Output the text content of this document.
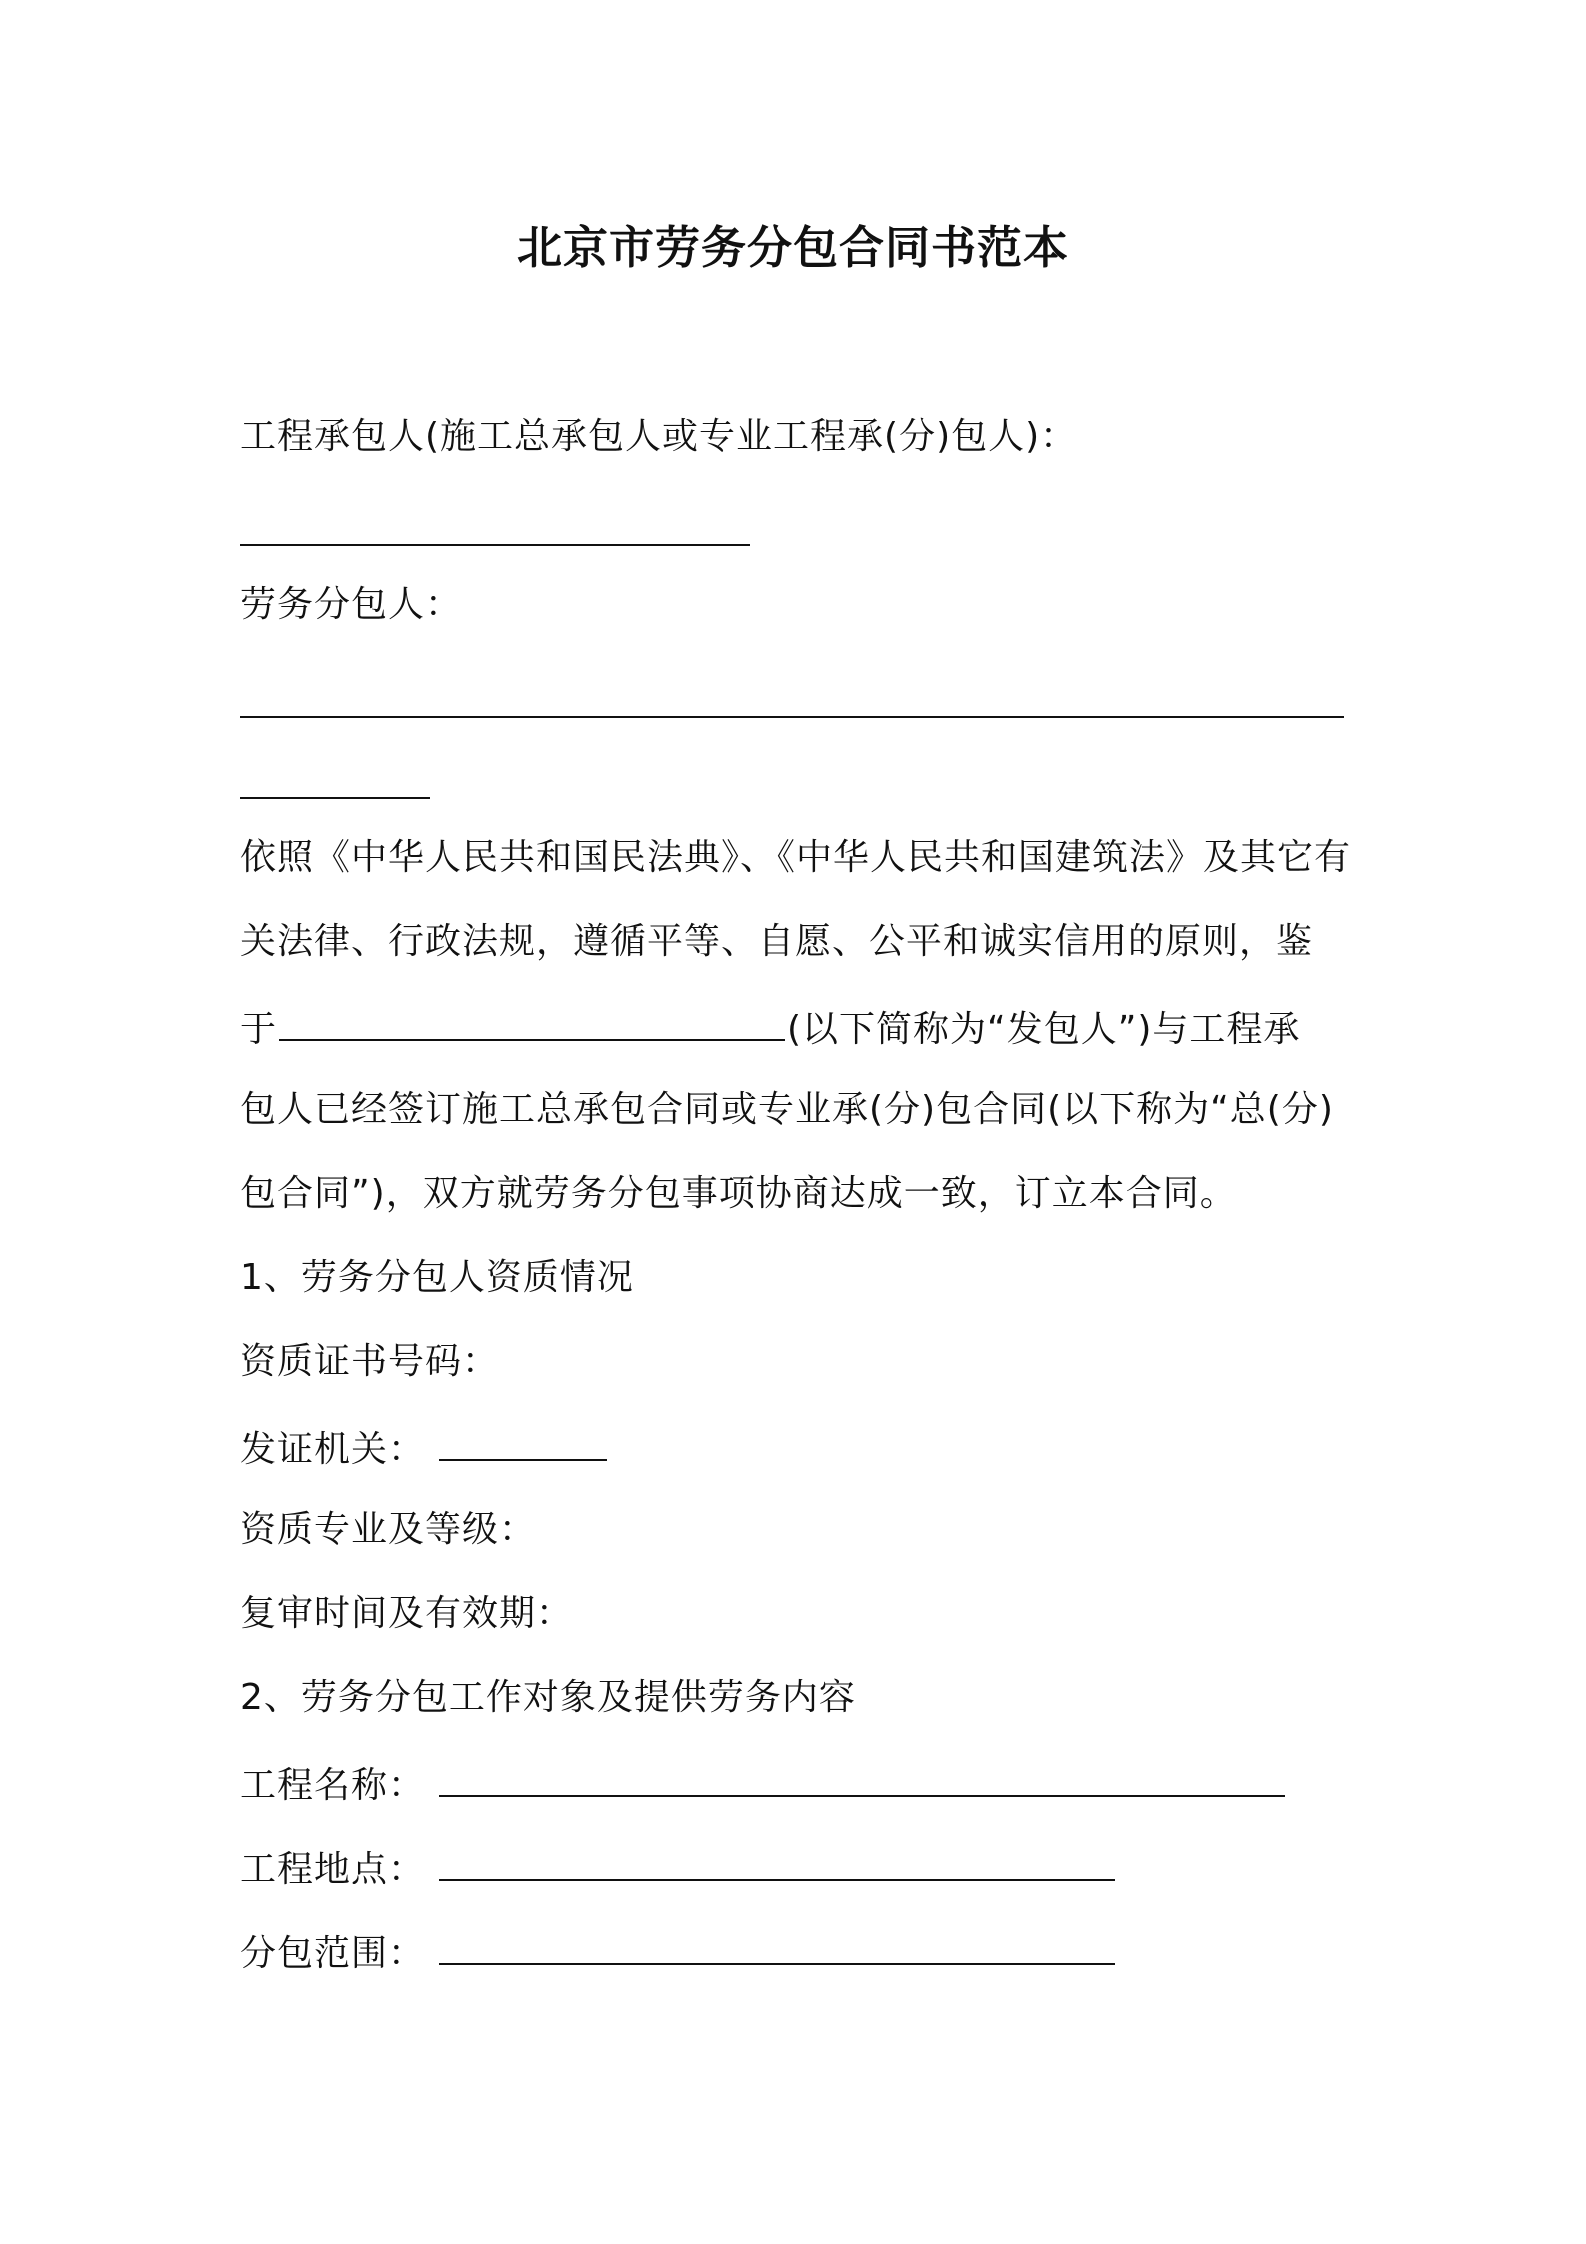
北京市劳务分包合同书范本

工程承包人(施工总承包人或专业工程承(分)包人)：

劳务分包人：

依照《中华人民共和国民法典》、《中华人民共和国建筑法》及其它有

关法律、行政法规，遵循平等、自愿、公平和诚实信用的原则，鉴

于	(以下简称为“发包人”)与工程承

包人已经签订施工总承包合同或专业承(分)包合同(以下称为“总(分)

包合同”)，双方就劳务分包事项协商达成一致，订立本合同。

1、劳务分包人资质情况

资质证书号码：

发证机关：

资质专业及等级：

复审时间及有效期：

2、劳务分包工作对象及提供劳务内容

工程名称：

工程地点：

分包范围：
